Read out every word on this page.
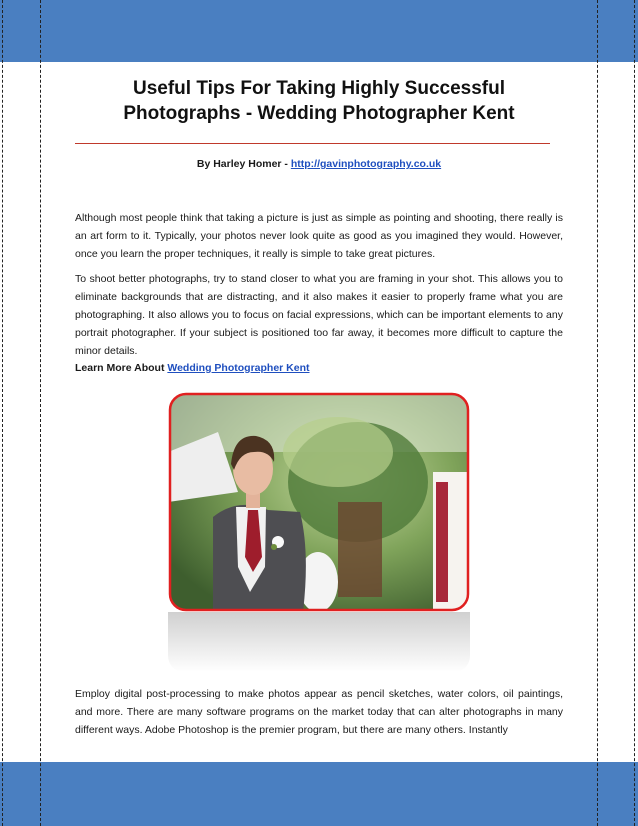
Useful Tips For Taking Highly Successful Photographs - Wedding Photographer Kent
By Harley Homer - http://gavinphotography.co.uk

Although most people think that taking a picture is just as simple as pointing and shooting, there really is an art form to it. Typically, your photos never look quite as good as you imagined they would. However, once you learn the proper techniques, it really is simple to take great pictures.

To shoot better photographs, try to stand closer to what you are framing in your shot. This allows you to eliminate backgrounds that are distracting, and it also makes it easier to properly frame what you are photographing. It also allows you to focus on facial expressions, which can be important elements to any portrait photographer. If your subject is positioned too far away, it becomes more difficult to capture the minor details.

Learn More About Wedding Photographer Kent

Employ digital post-processing to make photos appear as pencil sketches, water colors, oil paintings, and more. There are many software programs on the market today that can alter photographs in many different ways. Adobe Photoshop is the premier program, but there are many others. Instantly
